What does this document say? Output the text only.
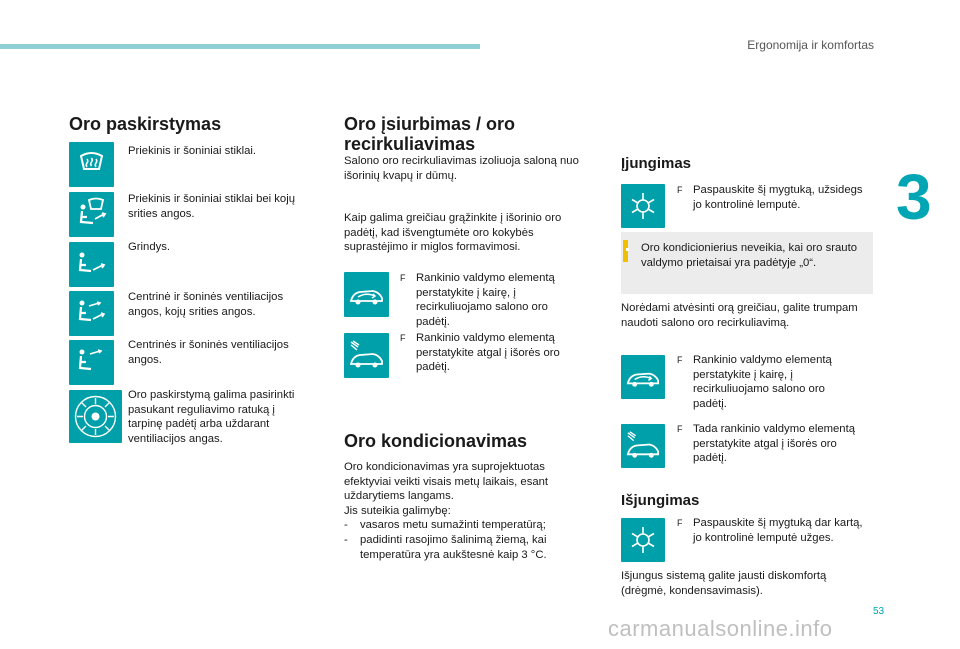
Ergonomija ir komfortas
3
53
Oro paskirstymas
Priekinis ir šoniniai stiklai.
Priekinis ir šoniniai stiklai bei kojų srities angos.
Grindys.
Centrinė ir šoninės ventiliacijos angos, kojų srities angos.
Centrinės ir šoninės ventiliacijos angos.
Oro paskirstymą galima pasirinkti pasukant reguliavimo ratuką į tarpinę padėtį arba uždarant ventiliacijos angas.
Oro įsiurbimas / oro recirkuliavimas
Salono oro recirkuliavimas izoliuoja saloną nuo išorinių kvapų ir dūmų.
Kaip galima greičiau grąžinkite į išorinio oro padėtį, kad išvengtumėte oro kokybės suprastėjimo ir miglos formavimosi.
F Rankinio valdymo elementą perstatykite į kairę, į recirkuliuojamo salono oro padėtį.
F Rankinio valdymo elementą perstatykite atgal į išorės oro padėtį.
Oro kondicionavimas
Oro kondicionavimas yra suprojektuotas efektyviai veikti visais metų laikais, esant uždarytiems langams.
Jis suteikia galimybę:
- vasaros metu sumažinti temperatūrą;
- padidinti rasojimo šalinimą žiemą, kai temperatūra yra aukštesnė kaip 3 °C.
Įjungimas
F Paspauskite šį mygtuką, užsidegs jo kontrolinė lemputė.
Oro kondicionierius neveikia, kai oro srauto valdymo prietaisai yra padėtyje „0“.
Norėdami atvėsinti orą greičiau, galite trumpam naudoti salono oro recirkuliavimą.
F Rankinio valdymo elementą perstatykite į kairę, į recirkuliuojamo salono oro padėtį.
F Tada rankinio valdymo elementą perstatykite atgal į išorės oro padėtį.
Išjungimas
F Paspauskite šį mygtuką dar kartą, jo kontrolinė lemputė užges.
Išjungus sistemą galite jausti diskomfortą (drėgmė, kondensavimasis).
carmanualsonline.info
